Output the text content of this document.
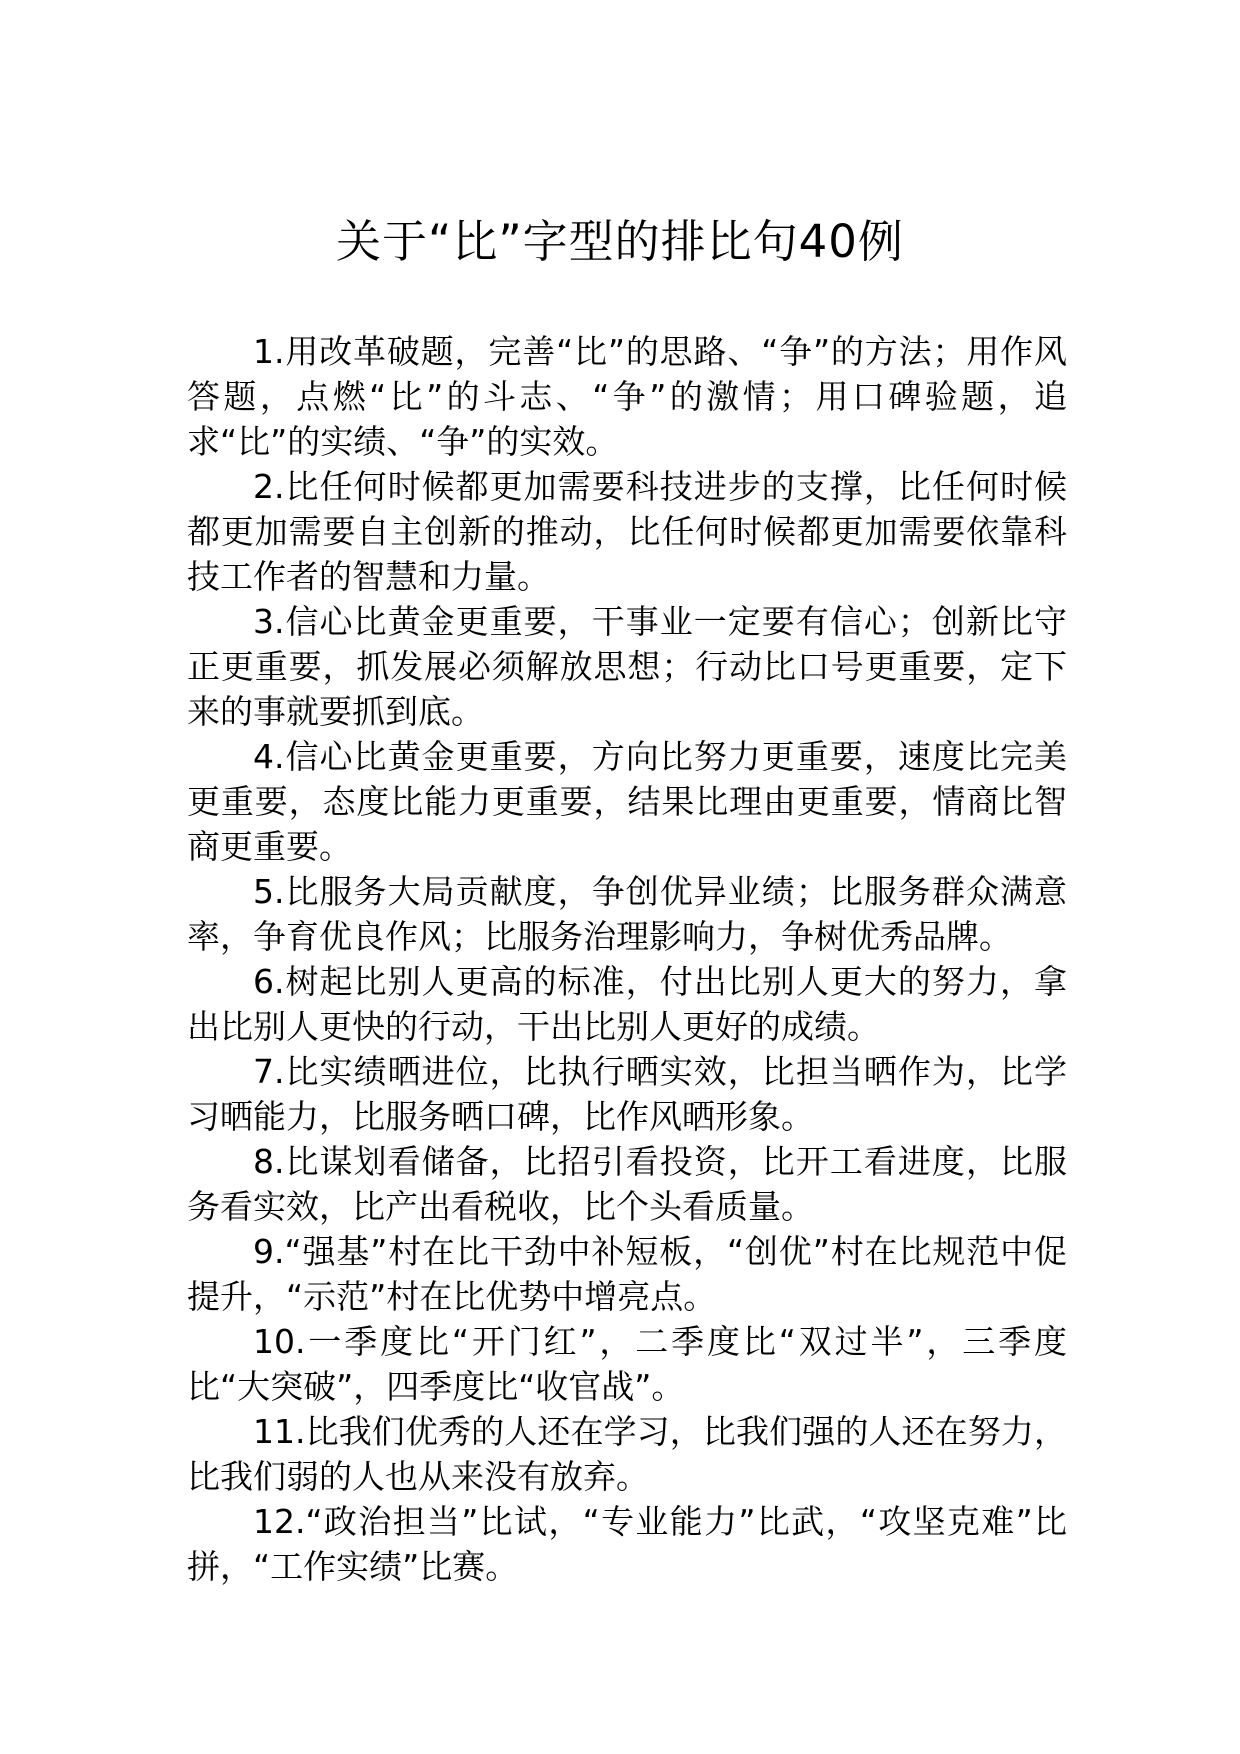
关于“比”字型的排比句40例

1.用改革破题，完善“比”的思路、“争”的方法；用作风答题，点燃“比”的斗志、“争”的激情；用口碑验题，追求“比”的实绩、“争”的实效。

2.比任何时候都更加需要科技进步的支撑，比任何时候都更加需要自主创新的推动，比任何时候都更加需要依靠科技工作者的智慧和力量。

3.信心比黄金更重要，干事业一定要有信心；创新比守正更重要，抓发展必须解放思想；行动比口号更重要，定下来的事就要抓到底。

4.信心比黄金更重要，方向比努力更重要，速度比完美更重要，态度比能力更重要，结果比理由更重要，情商比智商更重要。

5.比服务大局贡献度，争创优异业绩；比服务群众满意率，争育优良作风；比服务治理影响力，争树优秀品牌。

6.树起比别人更高的标准，付出比别人更大的努力，拿出比别人更快的行动，干出比别人更好的成绩。

7.比实绩晒进位，比执行晒实效，比担当晒作为，比学习晒能力，比服务晒口碑，比作风晒形象。

8.比谋划看储备，比招引看投资，比开工看进度，比服务看实效，比产出看税收，比个头看质量。

9.“强基”村在比干劲中补短板，“创优”村在比规范中促提升，“示范”村在比优势中增亮点。

10.一季度比“开门红”，二季度比“双过半”，三季度比“大突破”，四季度比“收官战”。

11.比我们优秀的人还在学习，比我们强的人还在努力，比我们弱的人也从来没有放弃。

12.“政治担当”比试，“专业能力”比武，“攻坚克难”比拼，“工作实绩”比赛。
